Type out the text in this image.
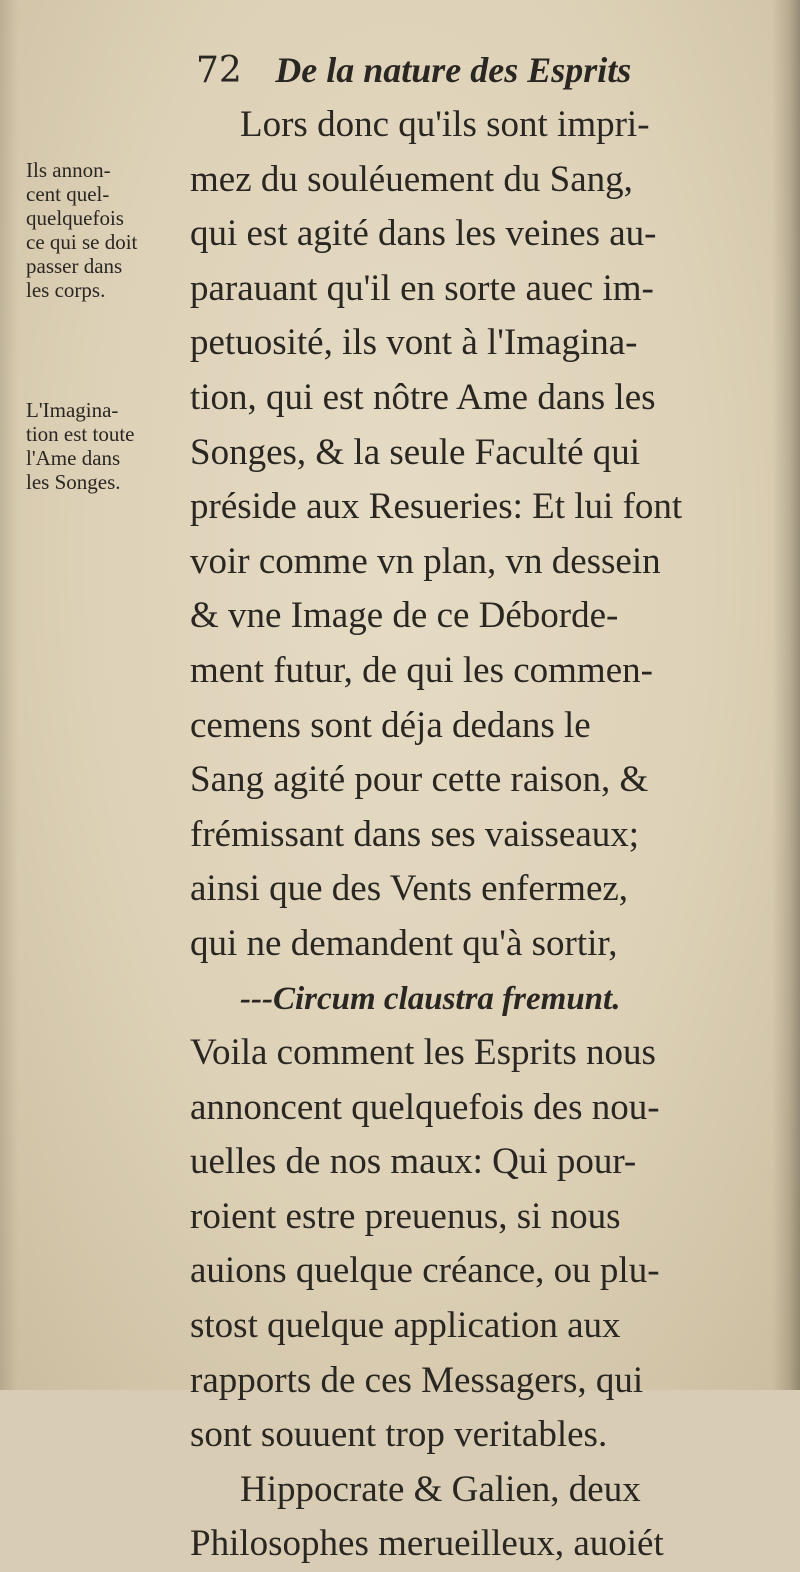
72 De la nature des Esprits
Ils annon-
cent quel-
quelquefois
ce qui se doit
passer dans
les corps.
L'Imagina-
tion est toute
l'Ame dans
les Songes.
Lors donc qu'ils sont impri-
mez du souléuement du Sang,
qui est agité dans les veines au-
parauant qu'il en sorte auec im-
petuosité, ils vont à l'Imagina-
tion, qui est nôtre Ame dans les
Songes, & la seule Faculté qui
préside aux Resueries: Et lui font
voir comme vn plan, vn dessein
& vne Image de ce Déborde-
ment futur, de qui les commen-
cemens sont déja dedans le
Sang agité pour cette raison, &
frémissant dans ses vaisseaux;
ainsi que des Vents enfermez,
qui ne demandent qu'à sortir,
---Circum claustra fremunt.
Voila comment les Esprits nous
annoncent quelquefois des nou-
uelles de nos maux: Qui pour-
roient estre preuenus, si nous
auions quelque créance, ou plu-
stost quelque application aux
rapports de ces Messagers, qui
sont souuent trop veritables.
Hippocrate & Galien, deux
Philosophes merueilleux, auoiét
